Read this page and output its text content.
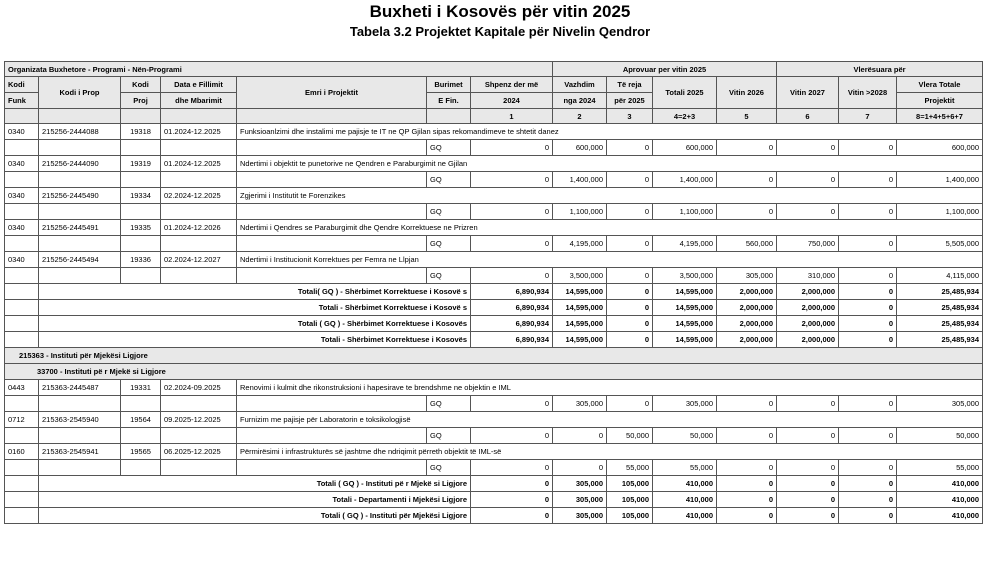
Buxheti i Kosovës për vitin 2025
Tabela 3.2 Projektet Kapitale për Nivelin Qendror
Organizata Buxhetore - Programi - Nën-Programi							Aprovuar per vitin 2025				Vlerësuara për		
Kodi	Kodi i Prop	Kodi	Data e Fillimit	Emri i Projektit	Burimet	Shpenz der më	Vazhdim	Të reja	Totali 2025	Vitin 2026	Vitin 2027	Vitin >2028	Vlera Totale
Funk		Proj	dhe Mbarimit		E Fin.	2024	nga 2024	për 2025					Projektit
						1	2	3	4=2+3	5	6	7	8=1+4+5+6+7
0340	215256-2444088	19318	01.2024-12.2025	Funksioanlzimi dhe instalimi me pajisje te IT ne QP Gjilan sipas rekomandimeve te shtetit danez									
					GQ	0	600,000	0	600,000	0	0	0	600,000
0340	215256-2444090	19319	01.2024-12.2025	Ndertimi i objektit te punetorive ne Qendren e Paraburgimit ne Gjilan									
					GQ	0	1,400,000	0	1,400,000	0	0	0	1,400,000
0340	215256-2445490	19334	02.2024-12.2025	Zgjerimi i Institutit te Forenzikes									
					GQ	0	1,100,000	0	1,100,000	0	0	0	1,100,000
0340	215256-2445491	19335	01.2024-12.2026	Ndertimi i Qendres se Paraburgimit dhe Qendre Korrektuese ne Prizren									
					GQ	0	4,195,000	0	4,195,000	560,000	750,000	0	5,505,000
0340	215256-2445494	19336	02.2024-12.2027	Ndertimi i Institucionit Korrektues per Femra ne Llpjan									
					GQ	0	3,500,000	0	3,500,000	305,000	310,000	0	4,115,000
	Totali( GQ ) - Shërbimet Korrektuese i Kosovë s					6,890,934	14,595,000	0	14,595,000	2,000,000	2,000,000	0	25,485,934
	Totali - Shërbimet Korrektuese i Kosovë s					6,890,934	14,595,000	0	14,595,000	2,000,000	2,000,000	0	25,485,934
	Totali ( GQ ) - Shërbimet Korrektuese i Kosovës					6,890,934	14,595,000	0	14,595,000	2,000,000	2,000,000	0	25,485,934
	Totali - Shërbimet Korrektuese i Kosovës					6,890,934	14,595,000	0	14,595,000	2,000,000	2,000,000	0	25,485,934
215363 - Instituti për Mjekësi Ligjore													
33700 - Instituti pë r Mjekë si Ligjore													
0443	215363-2445487	19331	02.2024-09.2025	Renovimi i kulmit dhe rikonstruksioni i hapesirave te brendshme ne objektin e IML									
					GQ	0	305,000	0	305,000	0	0	0	305,000
0712	215363-2545940	19564	09.2025-12.2025	Furnizim me pajisje për Laboratorin e toksikologjisë									
					GQ	0	0	50,000	50,000	0	0	0	50,000
0160	215363-2545941	19565	06.2025-12.2025	Përmirësimi i infrastrukturës së jashtme dhe ndriqimit përreth objektit të IML-së									
					GQ	0	0	55,000	55,000	0	0	0	55,000
	Totali ( GQ ) - Instituti pë r Mjekë si Ligjore					0	305,000	105,000	410,000	0	0	0	410,000
	Totali - Departamenti i Mjekësi Ligjore					0	305,000	105,000	410,000	0	0	0	410,000
	Totali ( GQ ) - Instituti për Mjekësi Ligjore					0	305,000	105,000	410,000	0	0	0	410,000
